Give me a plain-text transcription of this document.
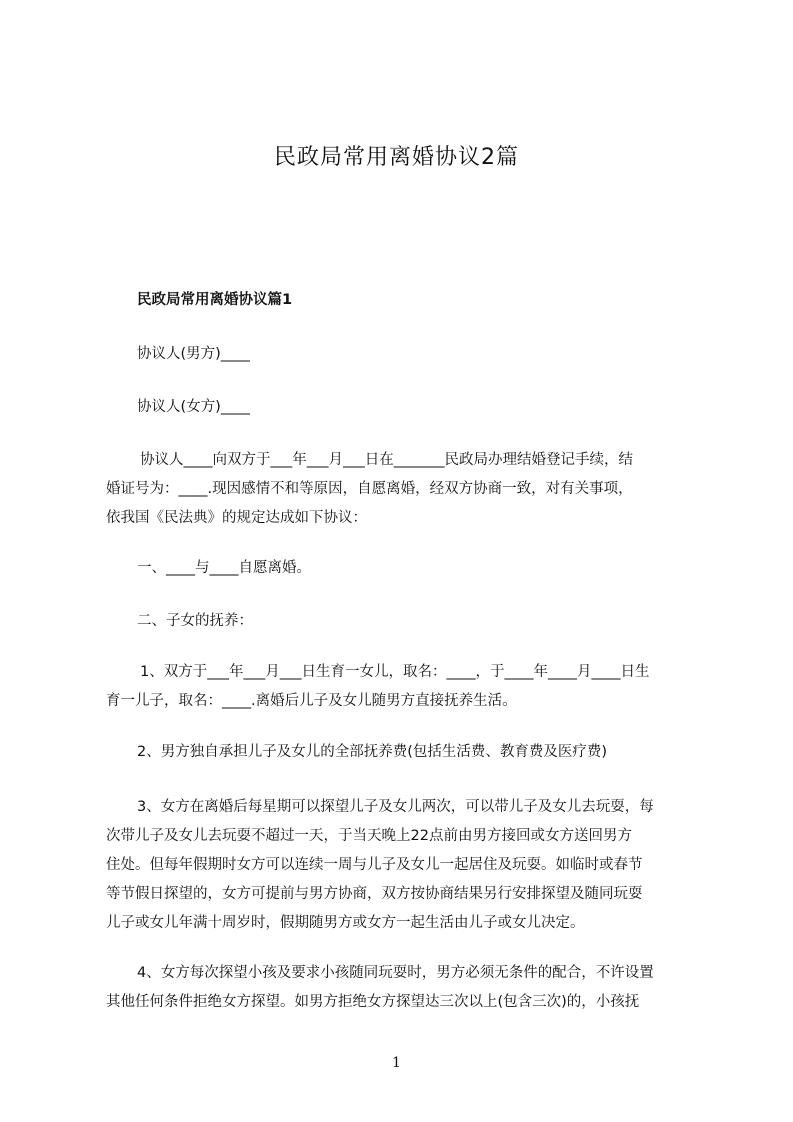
民政局常用离婚协议2篇
民政局常用离婚协议篇1
协议人(男方)____
协议人(女方)____
协议人____向双方于___年___月___日在_______民政局办理结婚登记手续，结
婚证号为：____.现因感情不和等原因，自愿离婚，经双方协商一致，对有关事项，
依我国《民法典》的规定达成如下协议：
一、____与____自愿离婚。
二、子女的抚养：
1、双方于___年___月___日生育一女儿，取名：____，于____年____月____日生
育一儿子，取名：____.离婚后儿子及女儿随男方直接抚养生活。
2、男方独自承担儿子及女儿的全部抚养费(包括生活费、教育费及医疗费)
3、女方在离婚后每星期可以探望儿子及女儿两次，可以带儿子及女儿去玩耍，每
次带儿子及女儿去玩耍不超过一天，于当天晚上22点前由男方接回或女方送回男方
住处。但每年假期时女方可以连续一周与儿子及女儿一起居住及玩耍。如临时或春节
等节假日探望的，女方可提前与男方协商，双方按协商结果另行安排探望及随同玩耍
儿子或女儿年满十周岁时，假期随男方或女方一起生活由儿子或女儿决定。
4、女方每次探望小孩及要求小孩随同玩耍时，男方必须无条件的配合，不许设置
其他任何条件拒绝女方探望。如男方拒绝女方探望达三次以上(包含三次)的，小孩抚
1
